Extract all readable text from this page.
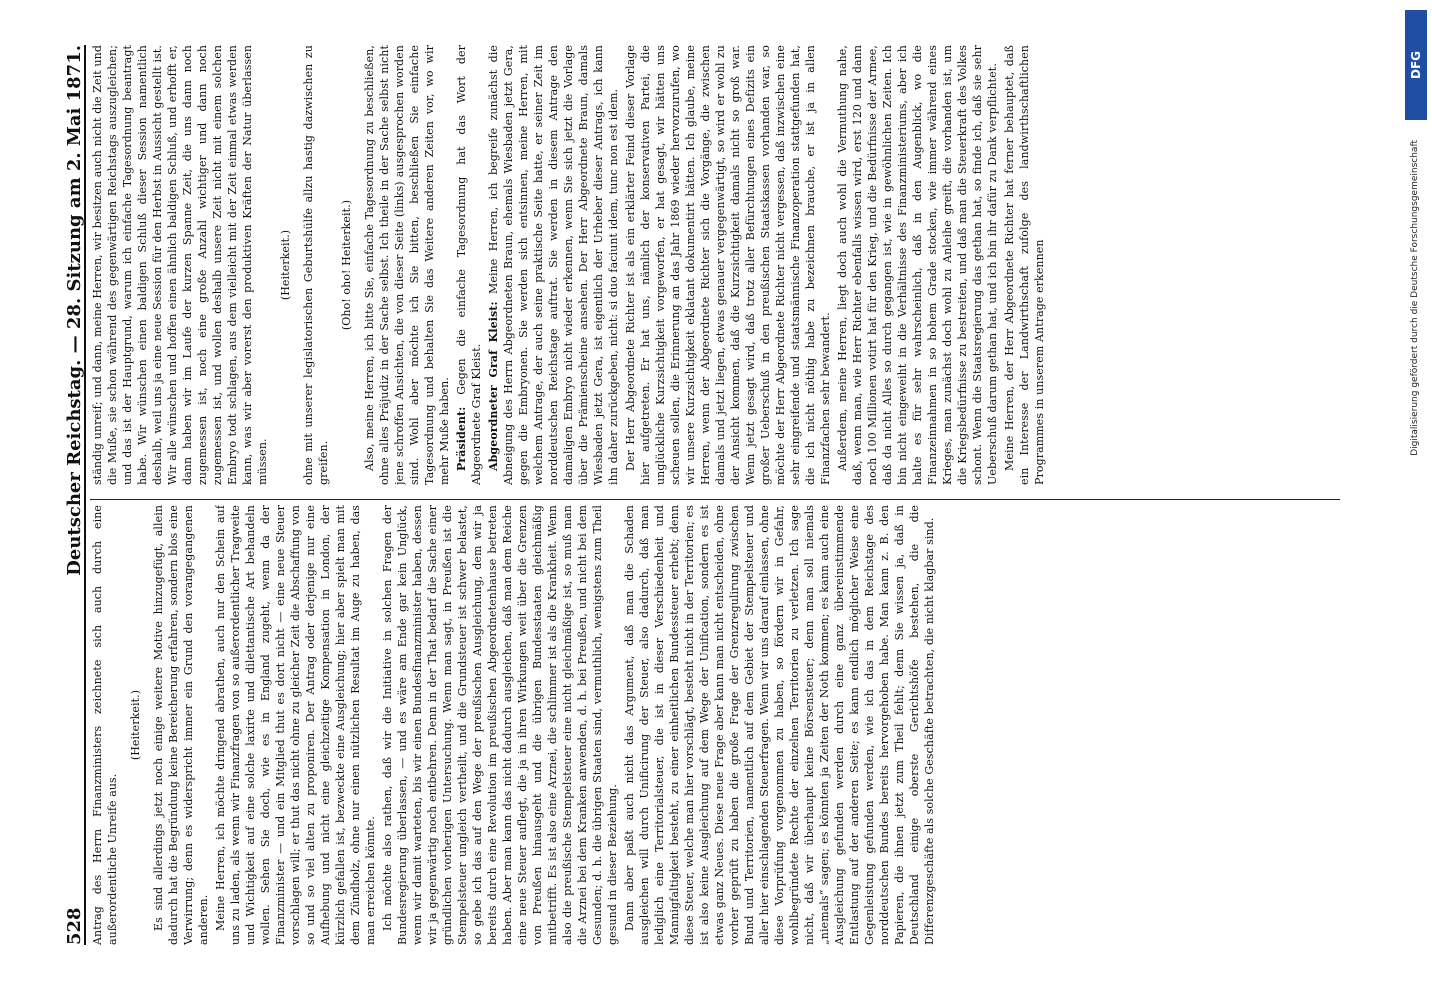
528
Deutscher Reichstag. — 28. Sitzung am 2. Mai 1871.

Antrag des Herrn Finanzministers zeichnete sich auch durch eine außerordentliche Unreife aus.

(Heiterkeit.) Es sind allerdings jetzt noch einige weitere Motive hinzugefügt, allein dadurch hat die Begründung keine Bereicherung erfahren, sondern blos eine Verwirrung; denn es widerspricht immer ein Grund den vorangegangenen anderen. Meine Herren, ich möchte dringend abrathen, auch nur den Schein auf uns zu laden, als wenn wir Finanzfragen von so außerordentlicher Tragweite und Wichtigkeit auf eine solche laxirte und dilettantische Art behandeln wollen. Sehen Sie doch, wie es in England zugeht, wenn da der Finanzminister — und ein Mitglied thut es dort nicht — eine neue Steuer vorschlagen will; er thut das nicht ohne zu gleicher Zeit die Abschaffung von so und so viel alten zu proponiren. Der Antrag oder derjenige nur eine Aufhebung und nicht eine gleichzeitige Kompensation in London, der kürzlich gefallen ist, bezweckte eine Ausgleichung; hier aber spielt man mit dem Zündholz, ohne nur einen nützlichen Resultat im Auge zu haben, das man erreichen könnte. Ich möchte also rathen, daß wir die Initiative in solchen Fragen der Bundesregierung überlassen, — und es wäre am Ende gar kein Unglück, wenn wir damit warteten, bis wir einen Bundesfinanzminister haben, dessen wir ja gegenwärtig noch entbehren. Denn in der That bedarf die Sache einer gründlichen vorherigen Untersuchung. Wenn man sagt, in Preußen ist die Stempelsteuer ungleich vertheilt, und die Grundsteuer ist schwer belastet, so gebe ich das auf den Wege der preußischen Ausgleichung, dem wir ja bereits durch eine Revolution im preußischen Abgeordnetenhause betreten haben. Aber man kann das nicht dadurch ausgleichen, daß man dem Reiche eine neue Steuer auflegt, die ja in ihren Wirkungen weit über die Grenzen von Preußen hinausgeht und die übrigen Bundesstaaten gleichmäßig mitbetrifft. Es ist also eine Arznei, die schlimmer ist als die Krankheit. Wenn also die preußische Stempelsteuer eine nicht gleichmäßige ist, so muß man die Arznei bei dem Kranken anwenden, d. h. bei Preußen, und nicht bei dem Gesunden; d. h. die übrigen Staaten sind, vermuthlich, wenigstens zum Theil gesund in dieser Beziehung. Dann aber paßt auch nicht das Argument, daß man die Schaden ausgleichen will durch Unificirung der Steuer, also dadurch, daß man lediglich eine Territorialsteuer, die ist in dieser Verschiedenheit und Mannigfaltigkeit besteht, zu einer einheitlichen Bundessteuer erhebt; denn diese Steuer, welche man hier vorschlägt, besteht nicht in der Territorien; es ist also keine Ausgleichung auf dem Wege der Unification, sondern es ist etwas ganz Neues. Diese neue Frage aber kann man nicht entscheiden, ohne vorher geprüft zu haben die große Frage der Grenzregulirung zwischen Bund und Territorien, namentlich auf dem Gebiet der Stempelsteuer und aller hier einschlagenden Steuerfragen. Wenn wir uns darauf einlassen, ohne diese Vorprüfung vorgenommen zu haben, so fördern wir in Gefahr, wohlbegründete Rechte der einzelnen Territorien zu verletzen. Ich sage nicht, daß wir überhaupt keine Börsensteuer; denn man soll niemals „niemals“ sagen; es könnten ja Zeiten der Noth kommen; es kann auch eine Ausgleichung gefunden werden durch eine ganz übereinstimmende Entlastung auf der anderen Seite; es kann endlich möglicher Weise eine Gegenleistung gefunden werden, wie ich das in dem Reichstage des norddeutschen Bundes bereits hervorgehoben habe. Man kann z. B. den Papieren, die ihnen jetzt zum Theil fehlt; denn Sie wissen ja, daß in Deutschland einige oberste Gerichtshöfe bestehen, die die Differenzgeschäfte als solche Geschäfte betrachten, die nicht klagbar sind.

ständig unreif; und dann, meine Herren, wir besitzen auch nicht die Zeit und die Muße, sie schon während des gegenwärtigen Reichstags auszugleichen; und das ist der Hauptgrund, warum ich einfache Tagesordnung beantragt habe. Wir wünschen einen baldigen Schluß dieser Session namentlich deshalb, weil uns ja eine neue Session für den Herbst in Aussicht gestellt ist. Wir alle wünschen und hoffen einen ähnlich baldigen Schluß, und erhofft er, dann haben wir im Laufe der kurzen Spanne Zeit, die uns dann noch zugemessen ist, noch eine große Anzahl wichtiger und dann noch zugemessen ist, und wollen deshalb unsere Zeit nicht mit einem solchen Embryo todt schlagen, aus dem vielleicht mit der Zeit einmal etwas werden kann, was wir aber vorerst den produktiven Kräften der Natur überlassen müssen.

(Heiterkeit.) ohne mit unserer legislatorischen Geburtshülfe allzu hastig dazwischen zu greifen.

(Oho! oho! Heiterkeit.) Also, meine Herren, ich bitte Sie, einfache Tagesordnung zu beschließen, ohne alles Präjudiz in der Sache selbst. Ich theile in der Sache selbst nicht jene schroffen Ansichten, die von dieser Seite (links) ausgesprochen worden sind. Wohl aber möchte ich Sie bitten, beschließen Sie einfache Tagesordnung und behalten Sie das Weitere anderen Zeiten vor, wo wir mehr Muße haben. Präsident: Gegen die einfache Tagesordnung hat das Wort der Abgeordnete Graf Kleist. Abgeordneter Graf Kleist: Meine Herren, ich begreife zunächst die Abneigung des Herrn Abgeordneten Braun, ehemals Wiesbaden jetzt Gera, gegen die Embryonen. Sie werden sich entsinnen, meine Herren, mit welchem Antrage, der auch seine praktische Seite hatte, er seiner Zeit im norddeutschen Reichstage auftrat. Sie werden in diesem Antrage den damaligen Embryo nicht wieder erkennen, wenn Sie sich jetzt die Vorlage über die Prämienscheine ansehen. Der Herr Abgeordnete Braun, damals Wiesbaden jetzt Gera, ist eigentlich der Urheber dieser Antrags, ich kann ihn daher zurückgeben, nicht: si duo faciunt idem, tunc non est idem. Der Herr Abgeordnete Richter ist als ein erklärter Feind dieser Vorlage hier aufgetreten. Er hat uns, nämlich der konservativen Partei, die unglückliche Kurzsichtigkeit vorgeworfen, er hat gesagt, wir hätten uns scheuen sollen, die Erinnerung an das Jahr 1869 wieder hervorzurufen, wo wir unsere Kurzsichtigkeit eklatant dokumentirt hätten. Ich glaube, meine Herren, wenn der Abgeordnete Richter sich die Vorgänge, die zwischen damals und jetzt liegen, etwas genauer vergegenwärtigt, so wird er wohl zu der Ansicht kommen, daß die Kurzsichtigkeit damals nicht so groß war. Wenn jetzt gesagt wird, daß trotz aller Befürchtungen eines Defizits ein großer Ueberschuß in den preußischen Staatskassen vorhanden war, so möchte der Herr Abgeordnete Richter nicht vergessen, daß inzwischen eine sehr eingreifende und staatsmännische Finanzoperation stattgefunden hat, die ich nicht nöthig habe zu bezeichnen brauche, er ist ja in allen Finanzfachen sehr bewandert. Außerdem, meine Herren, liegt doch auch wohl die Vermuthung nahe, daß, wenn man, wie Herr Richter ebenfalls wissen wird, erst 120 und dann noch 100 Millionen votirt hat für den Krieg, und die Bedürfnisse der Armee, daß da nicht Alles so durch gegangen ist, wie in gewöhnlichen Zeiten. Ich bin nicht eingeweiht in die Verhältnisse des Finanzministeriums, aber ich halte es für sehr wahrscheinlich, daß in den Augenblick, wo die Finanzeinnahmen in so hohem Grade stocken, wie immer während eines Krieges, man zunächst doch wohl zu Anleihe greift, die vorhanden ist, um die Kriegsbedürfnisse zu bestreiten, und daß man die Steuerkraft des Volkes schont. Wenn die Staatsregierung das gethan hat, so finde ich, daß sie sehr Ueberschuß darum gethan hat, und ich bin ihr dafür zu Dank verpflichtet. Meine Herren, der Herr Abgeordnete Richter hat ferner behauptet, daß ein Interesse der Landwirthschaft zufolge des landwirthschaftlichen Programmes in unserem Antrage erkennen	Digitalisierung gefördert durch die Deutsche Forschungsgemeinschaft
DFG
